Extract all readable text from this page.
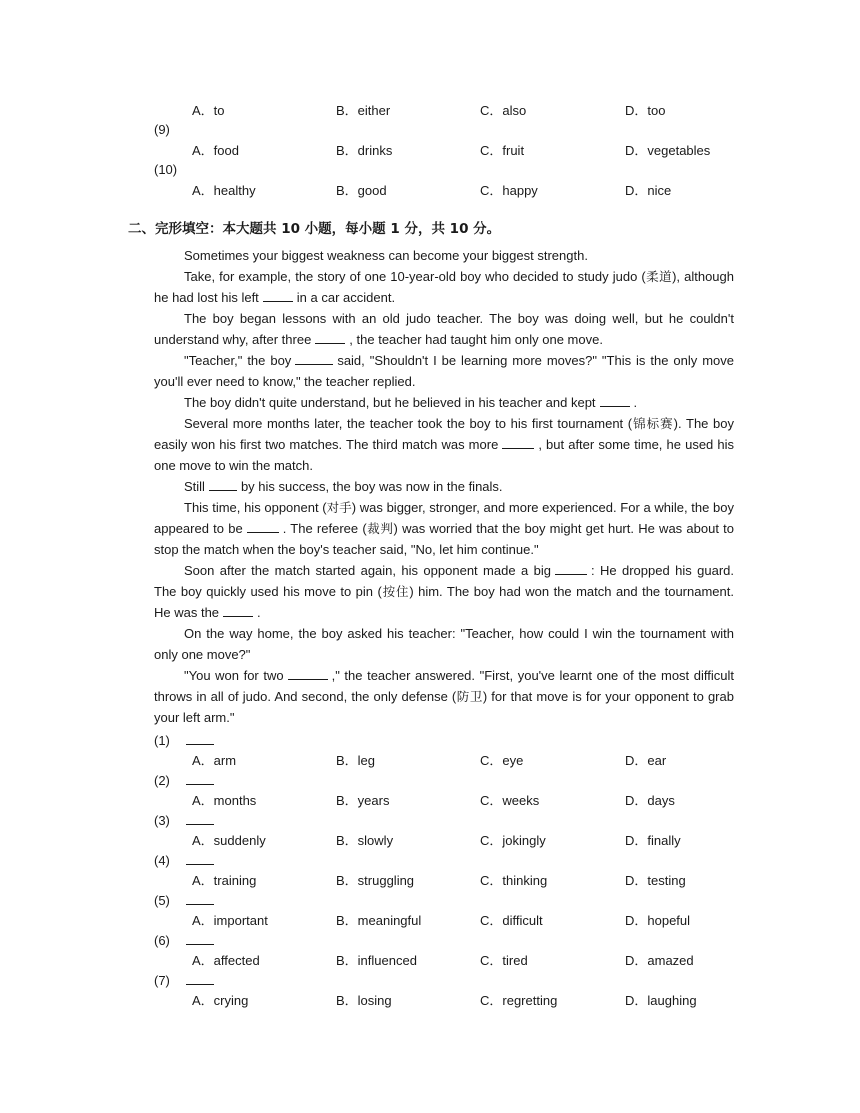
A．to	B．either	C．also	D．too
(9)
A．food	B．drinks	C．fruit	D．vegetables
(10)
A．healthy	B．good	C．happy	D．nice
二、完形填空：本大题共 10 小题，每小题 1 分，共 10 分。

Sometimes your biggest weakness can become your biggest strength.

Take, for example, the story of one 10-year-old boy who decided to study judo (柔道), although he had lost his left	in a car accident.

The boy began lessons with an old judo teacher. The boy was doing well, but he couldn't understand why, after three	, the teacher had taught him only one move.

"Teacher," the boy	said, "Shouldn't I be learning more moves?" "This is the only move you'll ever need to know," the teacher replied.

The boy didn't quite understand, but he believed in his teacher and kept	.

Several more months later, the teacher took the boy to his first tournament (锦标赛). The boy easily won his first two matches. The third match was more	, but after some time, he used his one move to win the match.

Still	by his success, the boy was now in the finals.

This time, his opponent (对手) was bigger, stronger, and more experienced. For a while, the boy appeared to be	. The referee (裁判) was worried that the boy might get hurt. He was about to stop the match when the boy's teacher said, "No, let him continue."

Soon after the match started again, his opponent made a big	: He dropped his guard. The boy quickly used his move to pin (按住) him. The boy had won the match and the tournament. He was the	.

On the way home, the boy asked his teacher: "Teacher, how could I win the tournament with only one move?"

"You won for two	," the teacher answered. "First, you've learnt one of the most difficult throws in all of judo. And second, the only defense (防卫) for that move is for your opponent to grab your left arm."

(1)
A．arm	B．leg	C．eye	D．ear
(2)
A．months	B．years	C．weeks	D．days
(3)
A．suddenly	B．slowly	C．jokingly	D．finally
(4)
A．training	B．struggling	C．thinking	D．testing
(5)
A．important	B．meaningful	C．difficult	D．hopeful
(6)
A．affected	B．influenced	C．tired	D．amazed
(7)
A．crying	B．losing	C．regretting	D．laughing
